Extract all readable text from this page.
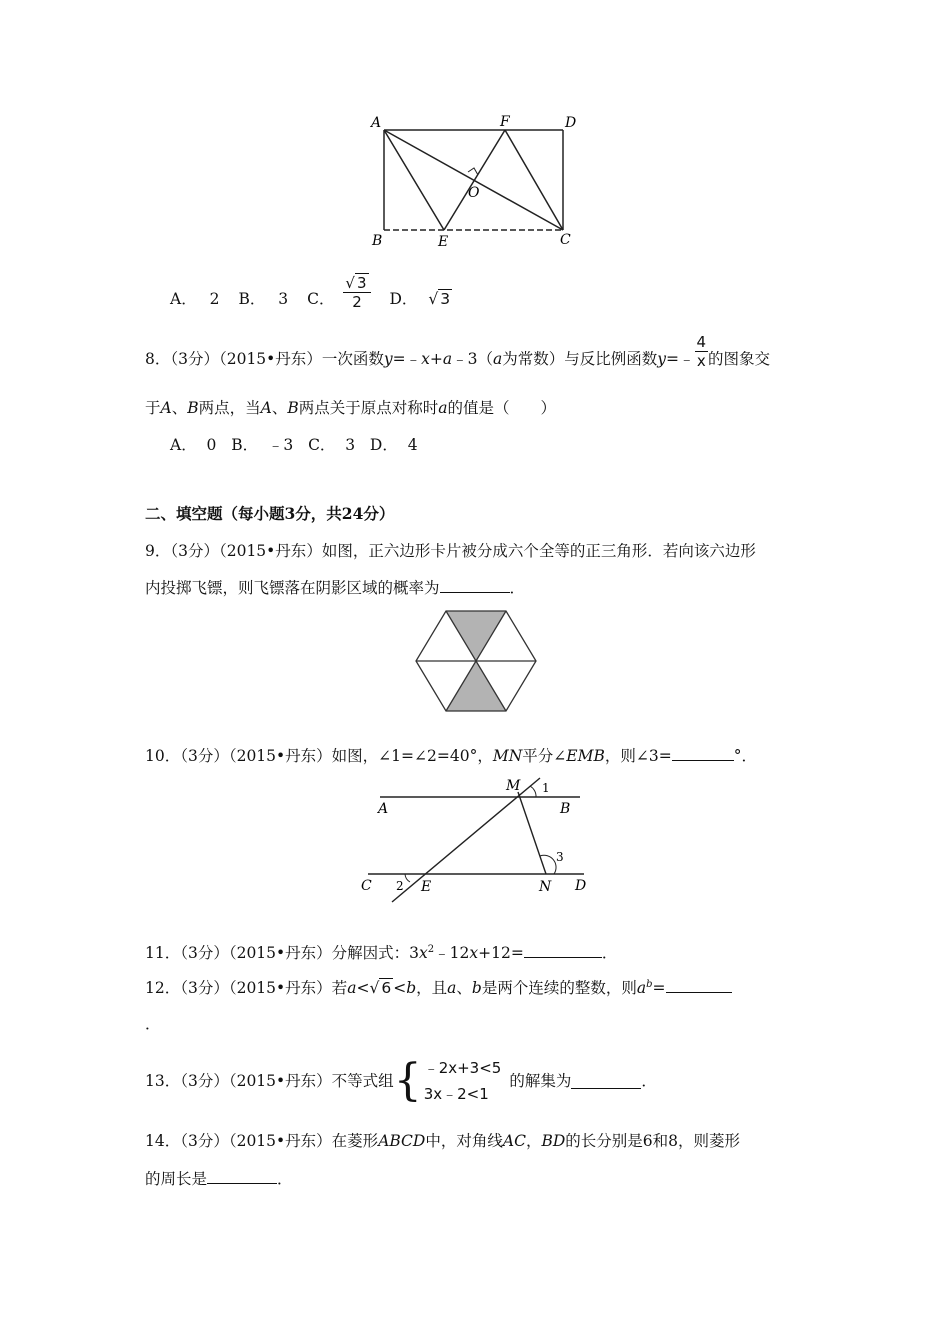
A	F	D
O
B	E	C
A． 2 B． 3 C． $\frac{√ 3}{2}$ D． √ 3
8．（3分）（2015•丹东）一次函数y=﹣x+a﹣3（a为常数）与反比例函数y=﹣ $\frac{4}{x}$ 的图象交
于A、B两点，当A、B两点关于原点对称时a的值是（　　）
A．  0   B．  ﹣3   C．  3   D．  4
二、填空题（每小题3分，共24分）
9．（3分）（2015•丹东）如图，正六边形卡片被分成六个全等的正三角形．若向该六边形
内投掷飞镖，则飞镖落在阴影区域的概率为	．
10．（3分）（2015•丹东）如图，∠1=∠2=40°，MN平分∠EMB，则∠3=	°．
M 1
A	B
3
C 2 E	N D
11．（3分）（2015•丹东）分解因式：$3x^2﹣12x+12=$	．
12．（3分）（2015•丹东）若a<√ 6 <b，且a、b是两个连续的整数，则$a^b=$
．
13．（3分）（2015•丹东）不等式组{ ﹣2x+3<5
3x﹣2<1
的解集为	．
14．（3分）（2015•丹东）在菱形ABCD中，对角线AC，BD的长分别是6和8，则菱形
的周长是	．
